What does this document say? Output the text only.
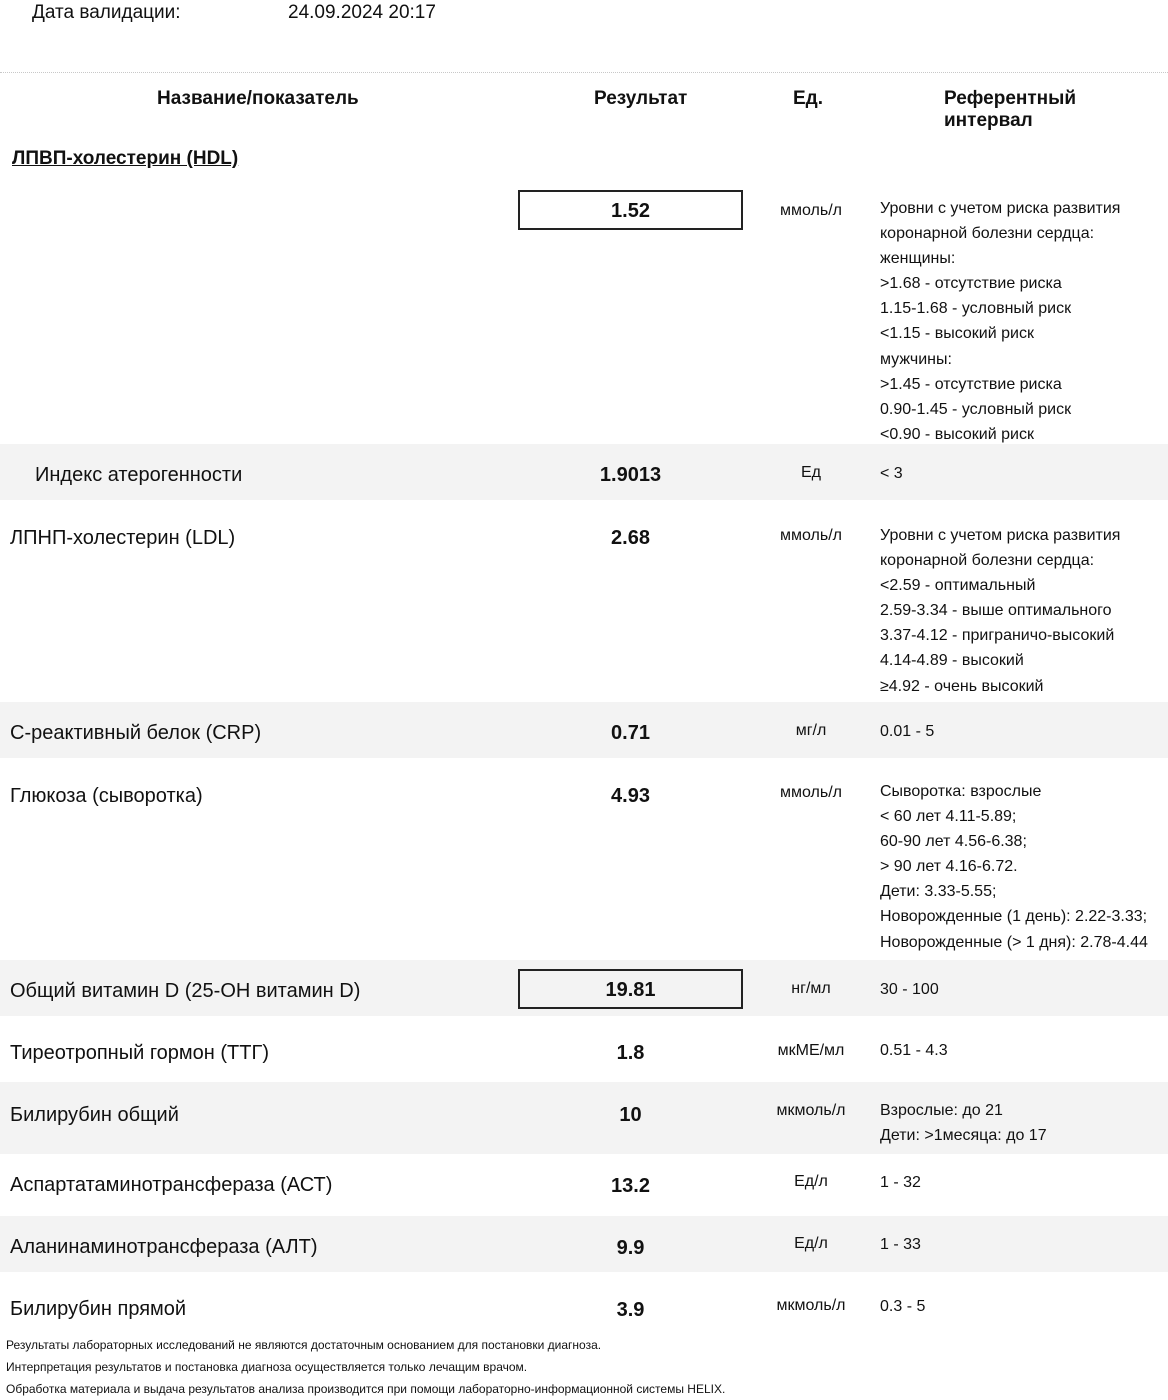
Дата валидации:	24.09.2024 20:17
Название/показатель	Результат	Ед.	Референтный интервал
ЛПВП-холестерин (HDL)
1.52	ммоль/л	Уровни с учетом риска развития
коронарной болезни сердца:
женщины:
>1.68 - отсутствие риска
1.15-1.68 - условный риск
<1.15 - высокий риск
мужчины:
>1.45 - отсутствие риска
0.90-1.45 - условный риск
<0.90 - высокий риск
Индекс атерогенности	1.9013	Ед	< 3
ЛПНП-холестерин (LDL)	2.68	ммоль/л	Уровни с учетом риска развития
коронарной болезни сердца:
<2.59 - оптимальный
2.59-3.34 - выше оптимального
3.37-4.12 - приграничо-высокий
4.14-4.89 - высокий
≥4.92 - очень высокий
С-реактивный белок (CRP)	0.71	мг/л	0.01 - 5
Глюкоза (сыворотка)	4.93	ммоль/л	Сыворотка: взрослые
< 60 лет 4.11-5.89;
60-90 лет 4.56-6.38;
> 90 лет 4.16-6.72.
Дети: 3.33-5.55;
Новорожденные (1 день): 2.22-3.33;
Новорожденные (> 1 дня): 2.78-4.44
Общий витамин D (25-OH витамин D)	19.81	нг/мл	30 - 100
Тиреотропный гормон (ТТГ)	1.8	мкМЕ/мл	0.51 - 4.3
Билирубин общий	10	мкмоль/л	Взрослые: до 21
Дети: >1месяца: до 17
Аспартатаминотрансфераза (АСТ)	13.2	Ед/л	1 - 32
Аланинаминотрансфераза (АЛТ)	9.9	Ед/л	1 - 33
Билирубин прямой	3.9	мкмоль/л	0.3 - 5
Результаты лабораторных исследований не являются достаточным основанием для постановки диагноза.
Интерпретация результатов и постановка диагноза осуществляется только лечащим врачом.
Обработка материала и выдача результатов анализа производится при помощи лабораторно-информационной системы HELIX.
